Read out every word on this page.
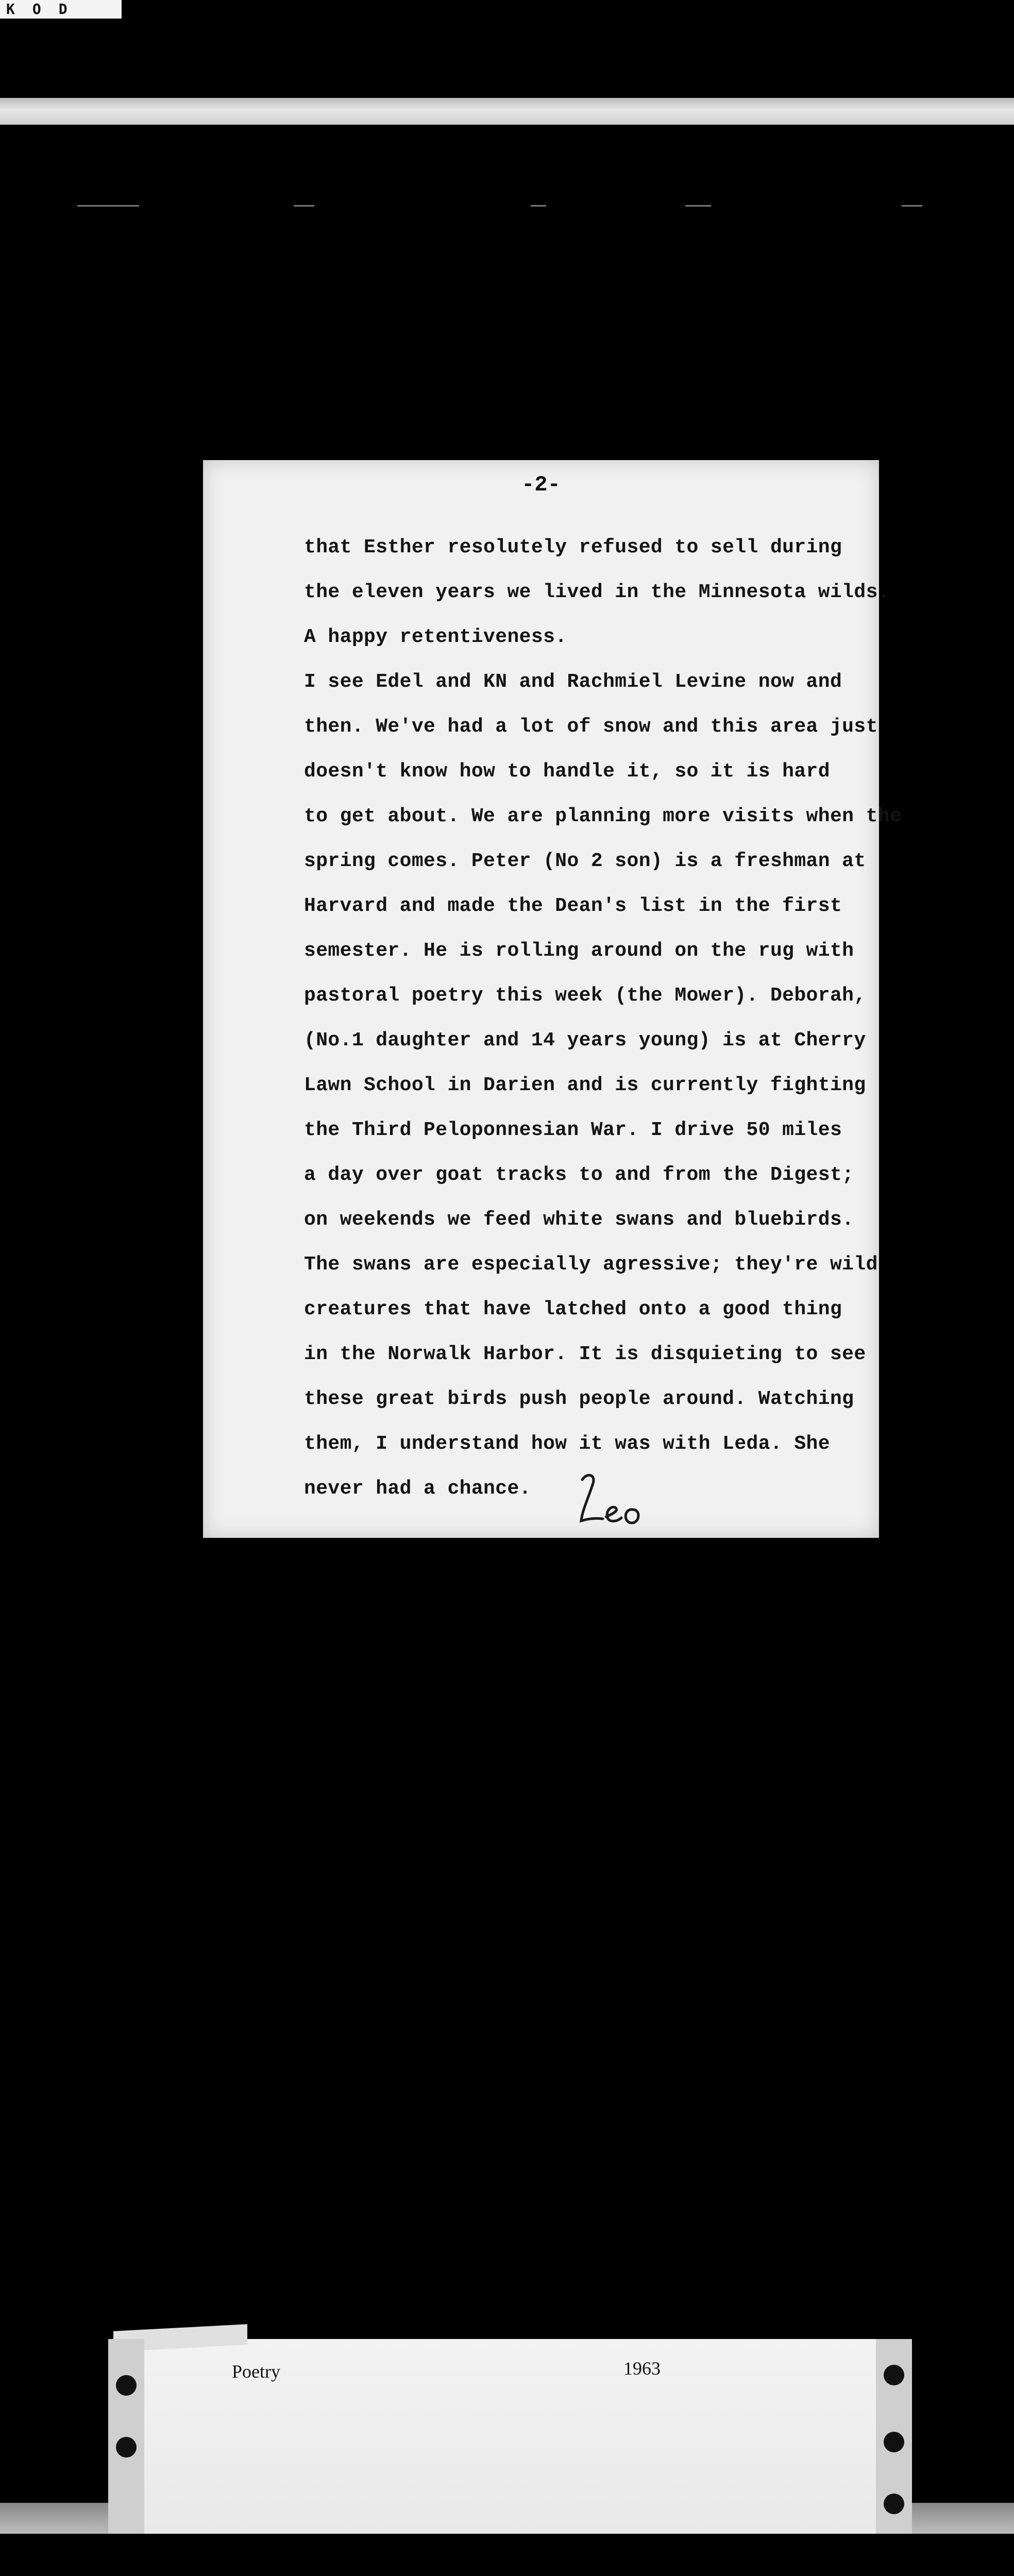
KOD
-2-
that Esther resolutely refused to sell during
the eleven years we lived in the Minnesota wilds.
A happy retentiveness.
I see Edel and KN and Rachmiel Levine now and
then. We've had a lot of snow and this area just
doesn't know how to handle it, so it is hard
to get about. We are planning more visits when the
spring comes. Peter (No 2 son) is a freshman at
Harvard and made the Dean's list in the first
semester. He is rolling around on the rug with
pastoral poetry this week (the Mower). Deborah,
(No.1 daughter and 14 years young) is at Cherry
Lawn School in Darien and is currently fighting
the Third Peloponnesian War. I drive 50 miles
a day over goat tracks to and from the Digest;
on weekends we feed white swans and bluebirds.
The swans are especially agressive; they're wild
creatures that have latched onto a good thing
in the Norwalk Harbor. It is disquieting to see
these great birds push people around. Watching
them, I understand how it was with Leda. She
never had a chance.
Poetry	1963
